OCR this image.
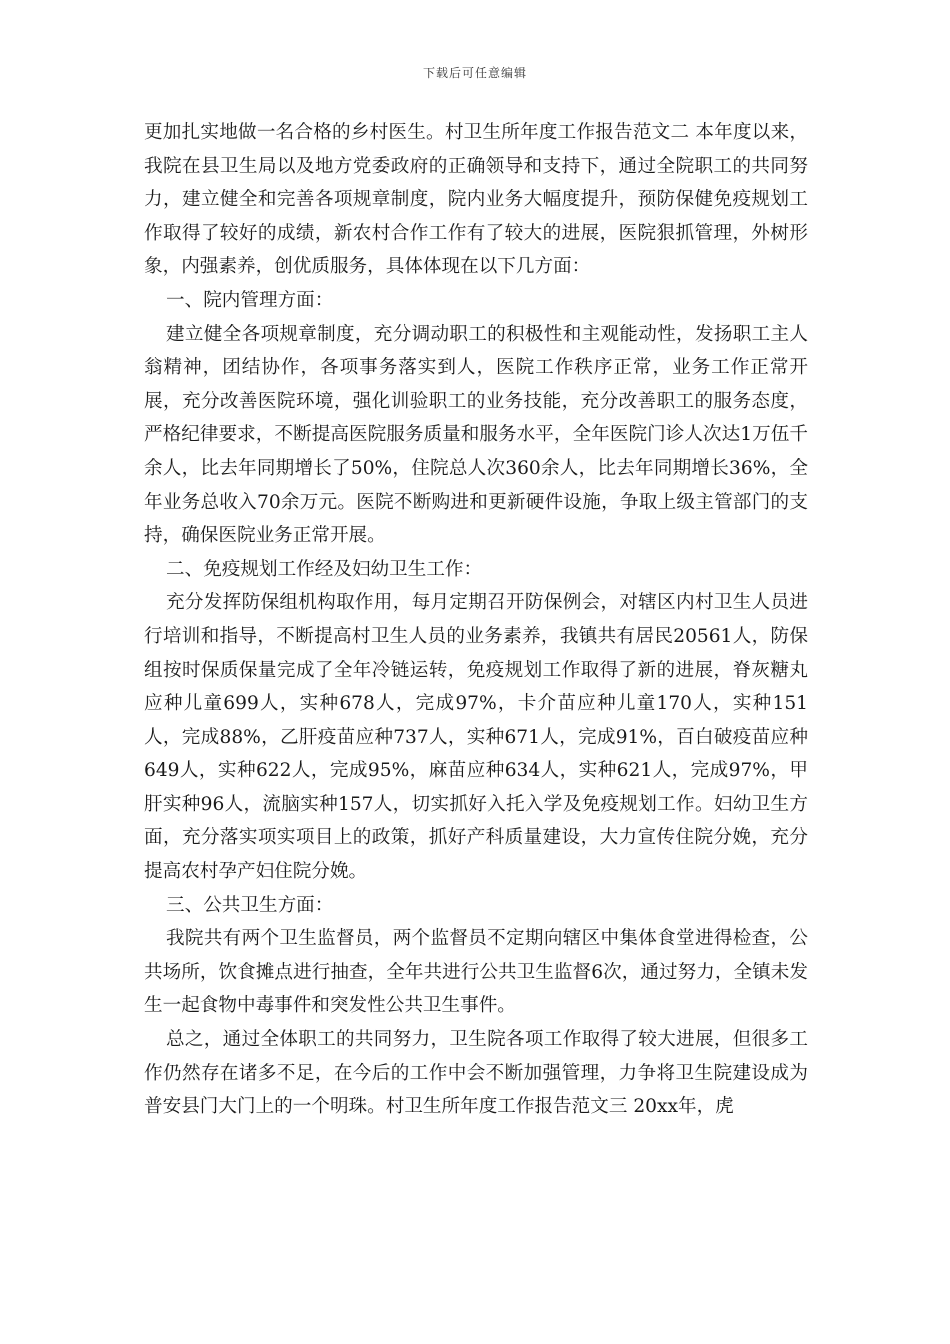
下载后可任意编辑

更加扎实地做一名合格的乡村医生。村卫生所年度工作报告范文二 本年度以来，我院在县卫生局以及地方党委政府的正确领导和支持下，通过全院职工的共同努力，建立健全和完善各项规章制度，院内业务大幅度提升，预防保健免疫规划工作取得了较好的成绩，新农村合作工作有了较大的进展，医院狠抓管理，外树形象，内强素养，创优质服务，具体体现在以下几方面：

一、院内管理方面：

建立健全各项规章制度，充分调动职工的积极性和主观能动性，发扬职工主人翁精神，团结协作，各项事务落实到人，医院工作秩序正常，业务工作正常开展，充分改善医院环境，强化训验职工的业务技能，充分改善职工的服务态度，严格纪律要求，不断提高医院服务质量和服务水平，全年医院门诊人次达1万伍千余人，比去年同期增长了50%，住院总人次360余人，比去年同期增长36%，全年业务总收入70余万元。医院不断购进和更新硬件设施，争取上级主管部门的支持，确保医院业务正常开展。

二、免疫规划工作经及妇幼卫生工作：

充分发挥防保组机构取作用，每月定期召开防保例会，对辖区内村卫生人员进行培训和指导，不断提高村卫生人员的业务素养，我镇共有居民20561人，防保组按时保质保量完成了全年冷链运转，免疫规划工作取得了新的进展，脊灰糖丸应种儿童699人，实种678人，完成97%，卡介苗应种儿童170人，实种151人，完成88%，乙肝疫苗应种737人，实种671人，完成91%，百白破疫苗应种649人，实种622人，完成95%，麻苗应种634人，实种621人，完成97%，甲肝实种96人，流脑实种157人，切实抓好入托入学及免疫规划工作。妇幼卫生方面，充分落实项实项目上的政策，抓好产科质量建设，大力宣传住院分娩，充分提高农村孕产妇住院分娩。

三、公共卫生方面：

我院共有两个卫生监督员，两个监督员不定期向辖区中集体食堂进得检查，公共场所，饮食摊点进行抽查，全年共进行公共卫生监督6次，通过努力，全镇未发生一起食物中毒事件和突发性公共卫生事件。

总之，通过全体职工的共同努力，卫生院各项工作取得了较大进展，但很多工作仍然存在诸多不足，在今后的工作中会不断加强管理，力争将卫生院建设成为普安县门大门上的一个明珠。村卫生所年度工作报告范文三 20xx年，虎
